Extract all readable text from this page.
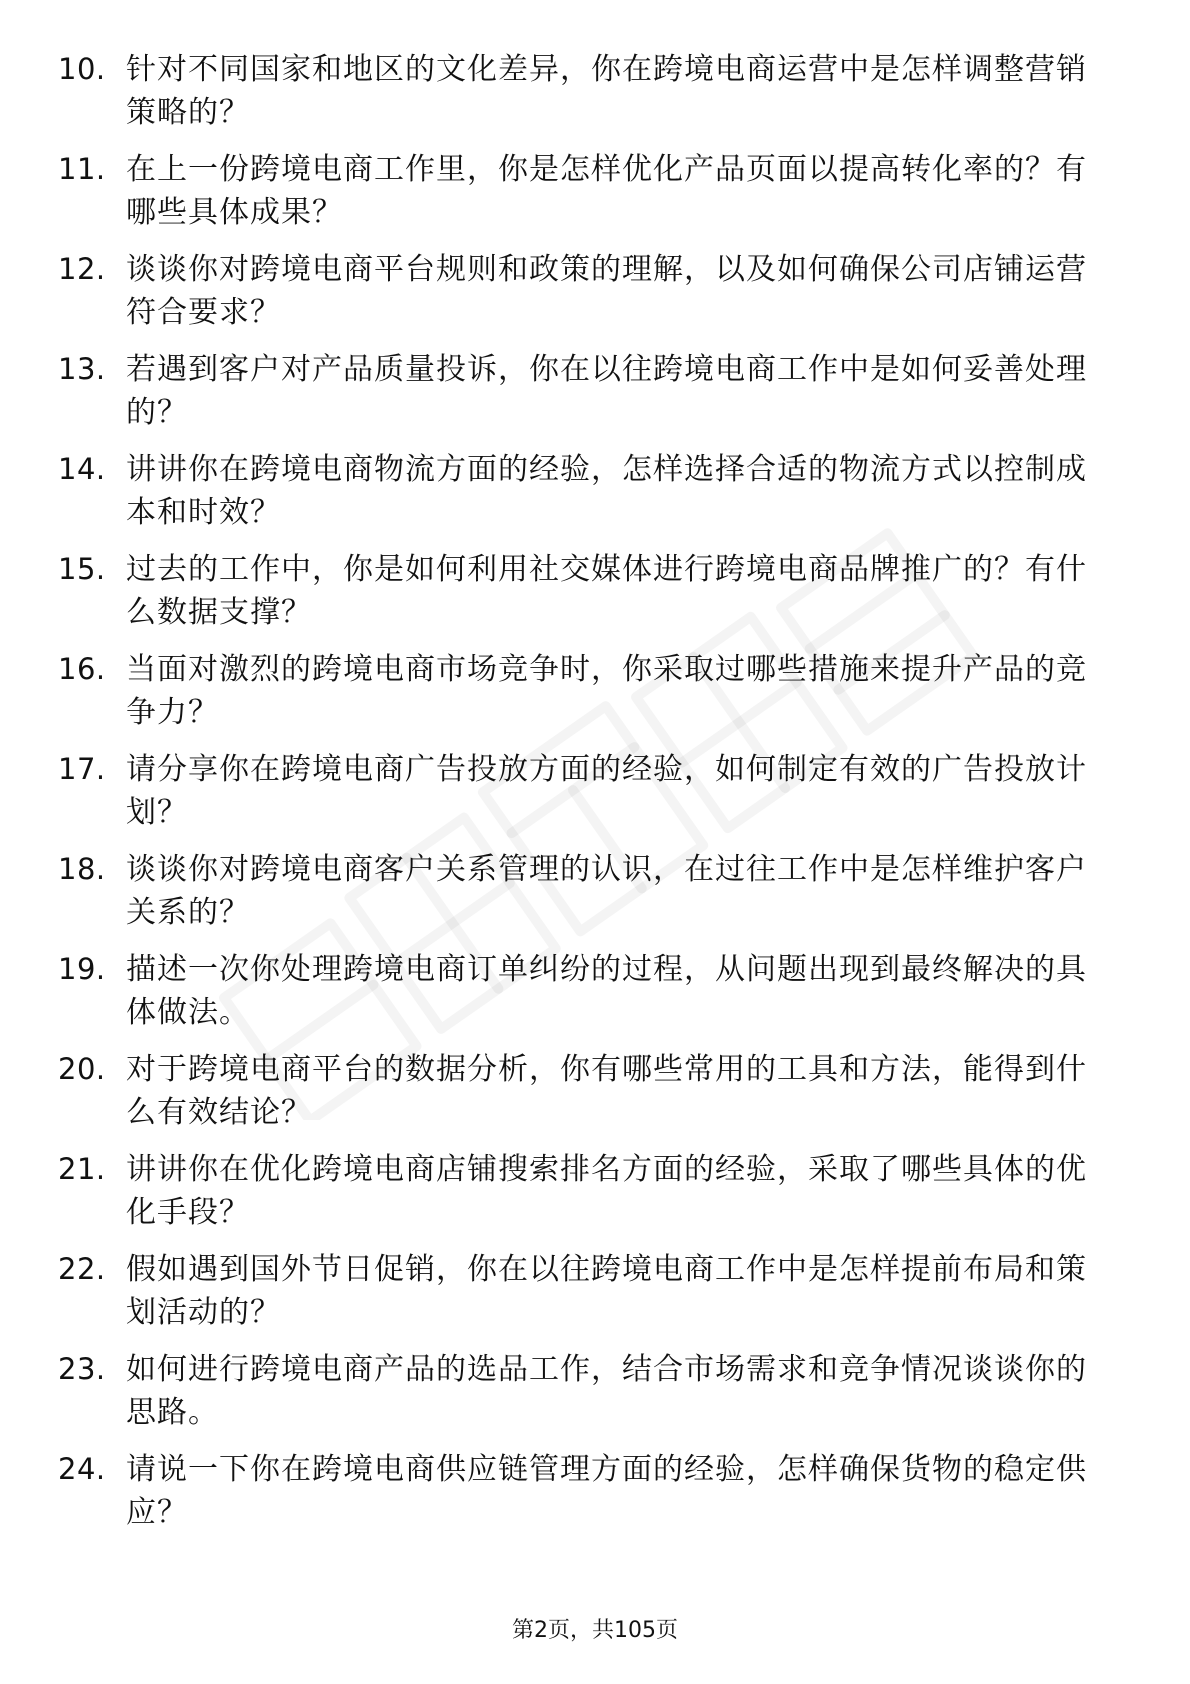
10. 针对不同国家和地区的文化差异，你在跨境电商运营中是怎样调整营销策略的？
11. 在上一份跨境电商工作里，你是怎样优化产品页面以提高转化率的？有哪些具体成果？
12. 谈谈你对跨境电商平台规则和政策的理解，以及如何确保公司店铺运营符合要求？
13. 若遇到客户对产品质量投诉，你在以往跨境电商工作中是如何妥善处理的？
14. 讲讲你在跨境电商物流方面的经验，怎样选择合适的物流方式以控制成本和时效？
15. 过去的工作中，你是如何利用社交媒体进行跨境电商品牌推广的？有什么数据支撑？
16. 当面对激烈的跨境电商市场竞争时，你采取过哪些措施来提升产品的竞争力？
17. 请分享你在跨境电商广告投放方面的经验，如何制定有效的广告投放计划？
18. 谈谈你对跨境电商客户关系管理的认识，在过往工作中是怎样维护客户关系的？
19. 描述一次你处理跨境电商订单纠纷的过程，从问题出现到最终解决的具体做法。
20. 对于跨境电商平台的数据分析，你有哪些常用的工具和方法，能得到什么有效结论？
21. 讲讲你在优化跨境电商店铺搜索排名方面的经验，采取了哪些具体的优化手段？
22. 假如遇到国外节日促销，你在以往跨境电商工作中是怎样提前布局和策划活动的？
23. 如何进行跨境电商产品的选品工作，结合市场需求和竞争情况谈谈你的思路。
24. 请说一下你在跨境电商供应链管理方面的经验，怎样确保货物的稳定供应？
第2页，共105页
